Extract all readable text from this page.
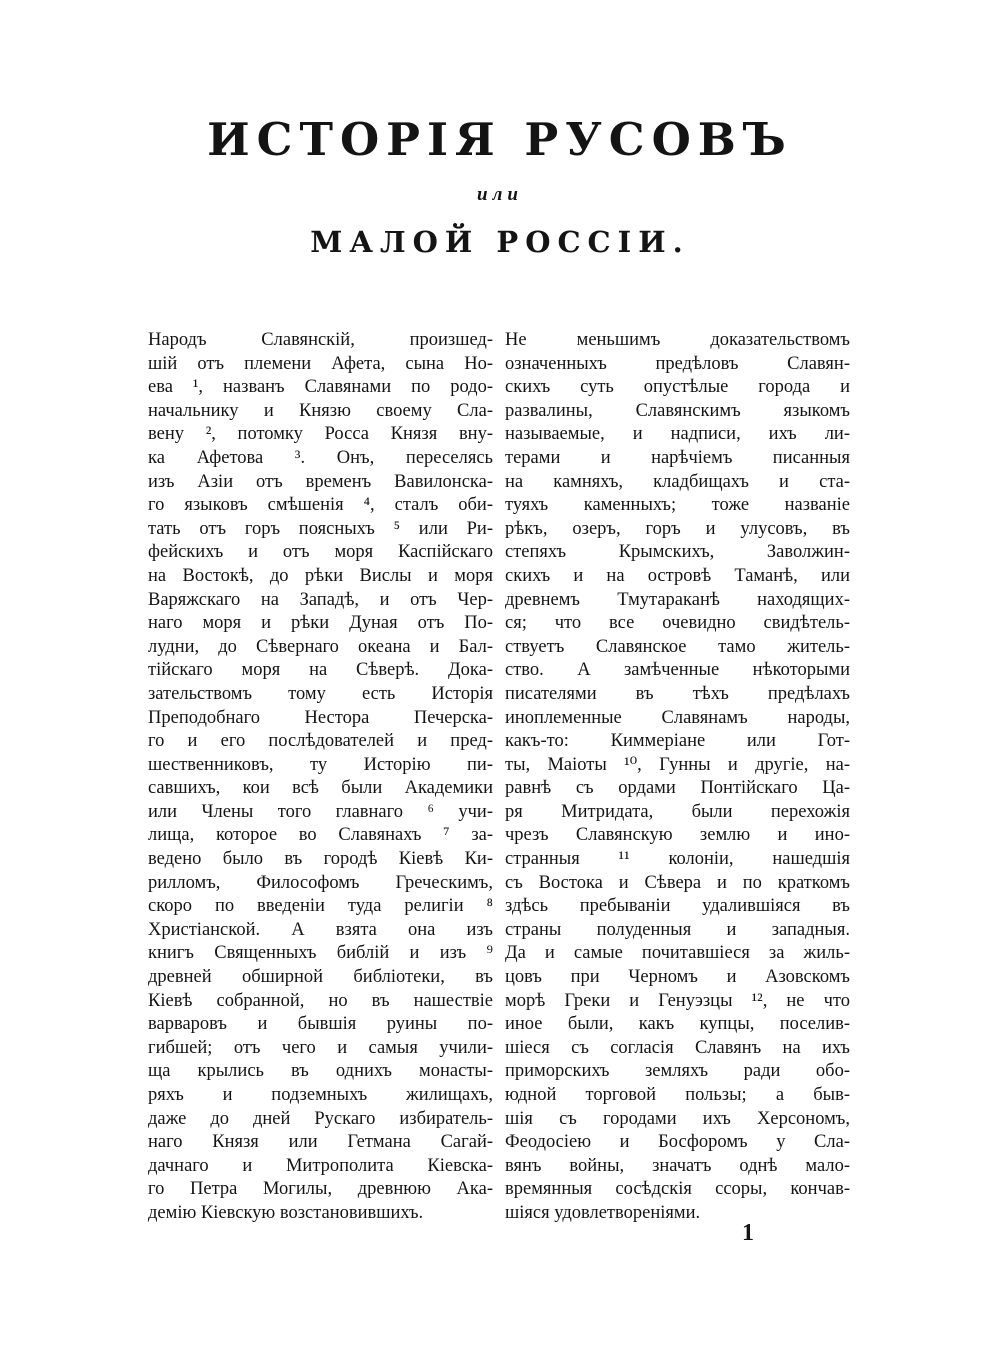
ИСТОРІЯ РУСОВЪ
или
МАЛОЙ РОССІИ.
Народъ Славянскій, произшед-
шій отъ племени Афета, сына Но-
ева ¹, названъ Славянами по родо-
начальнику и Князю своему Сла-
вену ², потомку Росса Князя вну-
ка Афетова ³. Онъ, переселясь
изъ Азіи отъ временъ Вавилонска-
го языковъ смѣшенія ⁴, сталъ оби-
тать отъ горъ поясныхъ ⁵ или Ри-
фейскихъ и отъ моря Каспійскаго
на Востокѣ, до рѣки Вислы и моря
Варяжскаго на Западѣ, и отъ Чер-
наго моря и рѣки Дуная отъ По-
лудни, до Сѣвернаго океана и Бал-
тійскаго моря на Сѣверѣ. Дока-
зательствомъ тому есть Исторія
Преподобнаго Нестора Печерска-
го и его послѣдователей и пред-
шественниковъ, ту Исторію пи-
савшихъ, кои всѣ были Академики
или Члены того главнаго ⁶ учи-
лища, которое во Славянахъ ⁷ за-
ведено было въ городѣ Кіевѣ Ки-
рилломъ, Философомъ Греческимъ,
скоро по введеніи туда религіи ⁸
Христіанской. А взята она изъ
книгъ Священныхъ библій и изъ ⁹
древней обширной библіотеки, въ
Кіевѣ собранной, но въ нашествіе
варваровъ и бывшія руины по-
гибшей; отъ чего и самыя учили-
ща крылись въ однихъ монасты-
ряхъ и подземныхъ жилищахъ,
даже до дней Рускаго избиратель-
наго Князя или Гетмана Сагай-
дачнаго и Митрополита Кіевска-
го Петра Могилы, древнюю Ака-
демію Кіевскую возстановившихъ.
Не меньшимъ доказательствомъ
означенныхъ предѣловъ Славян-
скихъ суть опустѣлые города и
развалины, Славянскимъ языкомъ
называемые, и надписи, ихъ ли-
терами и нарѣчіемъ писанныя
на камняхъ, кладбищахъ и ста-
туяхъ каменныхъ; тоже названіе
рѣкъ, озеръ, горъ и улусовъ, въ
степяхъ Крымскихъ, Заволжин-
скихъ и на островѣ Таманѣ, или
древнемъ Тмутараканѣ находящих-
ся; что все очевидно свидѣтель-
ствуетъ Славянское тамо житель-
ство. А замѣченные нѣкоторыми
писателями въ тѣхъ предѣлахъ
иноплеменные Славянамъ народы,
какъ-то: Киммеріане или Гот-
ты, Маіоты ¹⁰, Гунны и другіе, на-
равнѣ съ ордами Понтійскаго Ца-
ря Митридата, были перехожія
чрезъ Славянскую землю и ино-
странныя ¹¹ колоніи, нашедшія
съ Востока и Сѣвера и по краткомъ
здѣсь пребываніи удалившіяся въ
страны полуденныя и западныя.
Да и самые почитавшіеся за жиль-
цовъ при Черномъ и Азовскомъ
морѣ Греки и Генуэзцы ¹², не что
иное были, какъ купцы, поселив-
шіеся съ согласія Славянъ на ихъ
приморскихъ земляхъ ради обо-
юдной торговой пользы; а быв-
шія съ городами ихъ Херсономъ,
Феодосіею и Босфоромъ у Сла-
вянъ войны, значатъ однѣ мало-
времянныя сосѣдскія ссоры, кончав-
шіяся удовлетвореніями.
1
